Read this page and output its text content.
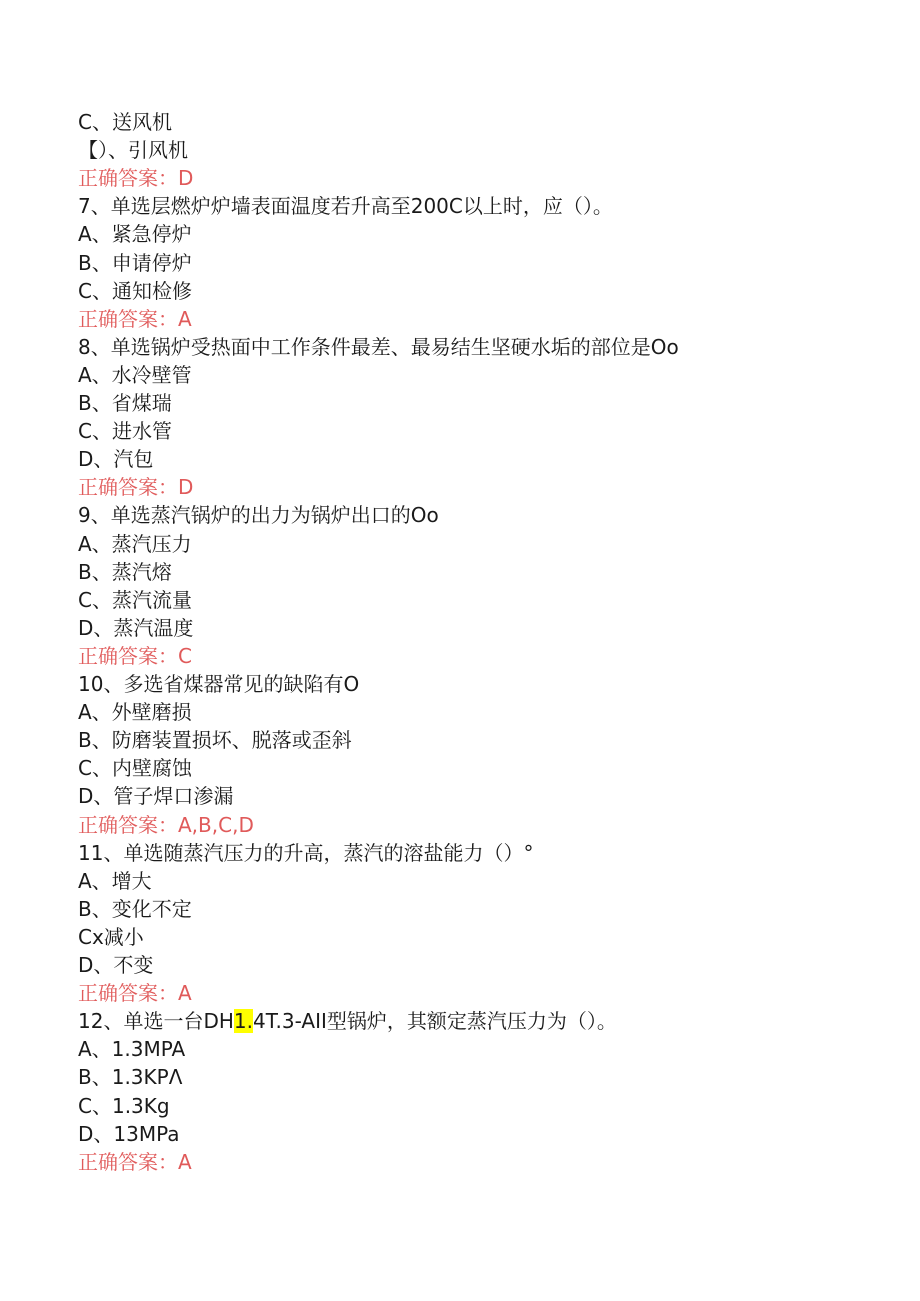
C、送风机
【）、引风机
正确答案：D
7、单选层燃炉炉墙表面温度若升高至200C以上时，应（）。
A、紧急停炉
B、申请停炉
C、通知检修
正确答案：A
8、单选锅炉受热面中工作条件最差、最易结生坚硬水垢的部位是Oo
A、水冷壁管
B、省煤瑞
C、进水管
D、汽包
正确答案：D
9、单选蒸汽锅炉的出力为锅炉出口的Oo
A、蒸汽压力
B、蒸汽熔
C、蒸汽流量
D、蒸汽温度
正确答案：C
10、多选省煤器常见的缺陷有O
A、外壁磨损
B、防磨装置损坏、脱落或歪斜
C、内壁腐蚀
D、管子焊口渗漏
正确答案：A,B,C,D
11、单选随蒸汽压力的升高，蒸汽的溶盐能力（）°
A、增大
B、变化不定
Cx减小
D、不变
正确答案：A
12、单选一台DH1.4T.3-AII型锅炉，其额定蒸汽压力为（）。
A、1.3MPA
B、1.3KPΛ
C、1.3Kg
D、13MPa
正确答案：A
